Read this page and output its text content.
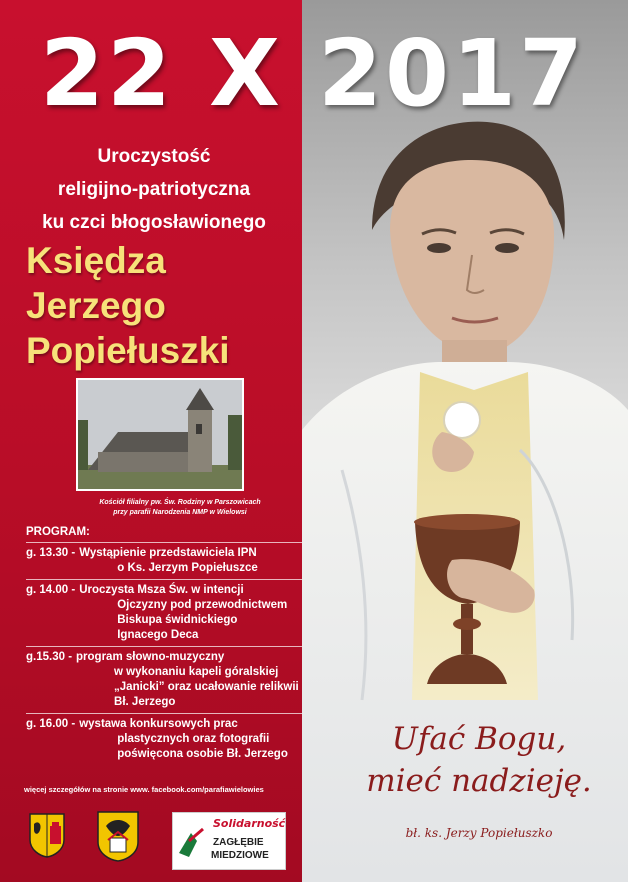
22 X 2017
Uroczystość
religijno-patriotyczna
ku czci błogosławionego
Księdza
Jerzego
Popiełuszki
Kościół filialny pw. Św. Rodziny w Parszowicach
przy parafii Narodzenia NMP w Wielowsi
PROGRAM:
g. 13.30 - Wystąpienie przedstawiciela IPN
o Ks. Jerzym Popiełuszce
g. 14.00 - Uroczysta Msza Św. w intencji
Ojczyzny pod przewodnictwem
Biskupa świdnickiego
Ignacego Deca
g.15.30 - program słowno-muzyczny
w wykonaniu kapeli góralskiej
„Janicki” oraz ucałowanie relikwii
Bł. Jerzego
g. 16.00 - wystawa konkursowych prac
plastycznych oraz fotografii
poświęcona osobie Bł. Jerzego
więcej szczegółów na stronie www. facebook.com/parafiawielowies
Solidarność
ZAGŁĘBIE
MIEDZIOWE
Ufać Bogu,
mieć nadzieję.
bł. ks. Jerzy Popiełuszko
